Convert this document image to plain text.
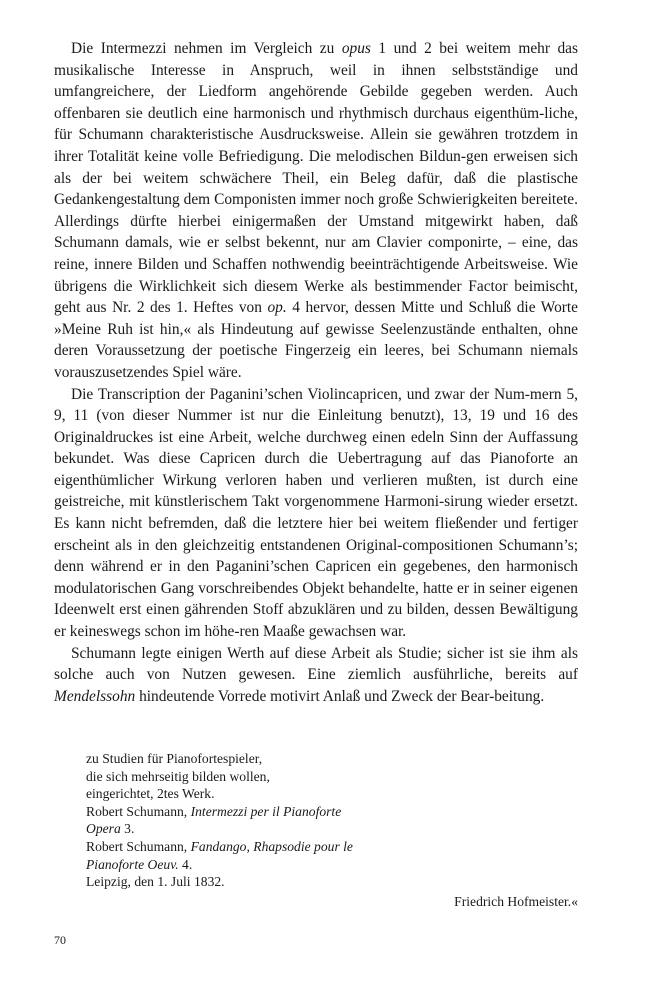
Die Intermezzi nehmen im Vergleich zu opus 1 und 2 bei weitem mehr das musikalische Interesse in Anspruch, weil in ihnen selbstständige und umfangreichere, der Liedform angehörende Gebilde gegeben werden. Auch offenbaren sie deutlich eine harmonisch und rhythmisch durchaus eigenthüm-liche, für Schumann charakteristische Ausdrucksweise. Allein sie gewähren trotzdem in ihrer Totalität keine volle Befriedigung. Die melodischen Bildun-gen erweisen sich als der bei weitem schwächere Theil, ein Beleg dafür, daß die plastische Gedankengestaltung dem Componisten immer noch große Schwierigkeiten bereitete. Allerdings dürfte hierbei einigermaßen der Umstand mitgewirkt haben, daß Schumann damals, wie er selbst bekennt, nur am Clavier componirte, – eine, das reine, innere Bilden und Schaffen nothwendig beeinträchtigende Arbeitsweise. Wie übrigens die Wirklichkeit sich diesem Werke als bestimmender Factor beimischt, geht aus Nr. 2 des 1. Heftes von op. 4 hervor, dessen Mitte und Schluß die Worte »Meine Ruh ist hin,« als Hindeutung auf gewisse Seelenzustände enthalten, ohne deren Voraussetzung der poetische Fingerzeig ein leeres, bei Schumann niemals vorauszusetzendes Spiel wäre.

Die Transcription der Paganini’schen Violincapricen, und zwar der Num-mern 5, 9, 11 (von dieser Nummer ist nur die Einleitung benutzt), 13, 19 und 16 des Originaldruckes ist eine Arbeit, welche durchweg einen edeln Sinn der Auffassung bekundet. Was diese Capricen durch die Uebertragung auf das Pianoforte an eigenthümlicher Wirkung verloren haben und verlieren mußten, ist durch eine geistreiche, mit künstlerischem Takt vorgenommene Harmoni-sirung wieder ersetzt. Es kann nicht befremden, daß die letztere hier bei weitem fließender und fertiger erscheint als in den gleichzeitig entstandenen Original-compositionen Schumann’s; denn während er in den Paganini’schen Capricen ein gegebenes, den harmonisch modulatorischen Gang vorschreibendes Objekt behandelte, hatte er in seiner eigenen Ideenwelt erst einen gährenden Stoff abzuklären und zu bilden, dessen Bewältigung er keineswegs schon im höhe-ren Maaße gewachsen war.

Schumann legte einigen Werth auf diese Arbeit als Studie; sicher ist sie ihm als solche auch von Nutzen gewesen. Eine ziemlich ausführliche, bereits auf Mendelssohn hindeutende Vorrede motivirt Anlaß und Zweck der Bear-beitung.

zu Studien für Pianofortespieler,
die sich mehrseitig bilden wollen,
eingerichtet, 2tes Werk.
Robert Schumann, Intermezzi per il Pianoforte
Opera 3.
Robert Schumann, Fandango, Rhapsodie pour le
Pianoforte Oeuv. 4.
Leipzig, den 1. Juli 1832.
Friedrich Hofmeister.«
70
